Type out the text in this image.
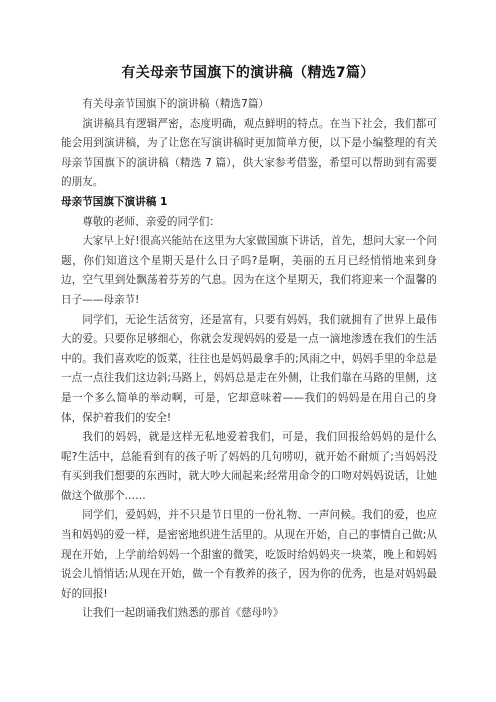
有关母亲节国旗下的演讲稿（精选7篇）

有关母亲节国旗下的演讲稿（精选7篇）

演讲稿具有逻辑严密，态度明确，观点鲜明的特点。在当下社会，我们都可能会用到演讲稿，为了让您在写演讲稿时更加简单方便，以下是小编整理的有关母亲节国旗下的演讲稿（精选 7 篇），供大家参考借鉴，希望可以帮助到有需要的朋友。

母亲节国旗下演讲稿 1

尊敬的老师、亲爱的同学们：

大家早上好!很高兴能站在这里为大家做国旗下讲话，首先，想问大家一个问题，你们知道这个星期天是什么日子吗?是啊，美丽的五月已经悄悄地来到身边，空气里到处飘荡着芬芳的气息。因为在这个星期天，我们将迎来一个温馨的日子——母亲节!

同学们，无论生活贫穷，还是富有，只要有妈妈，我们就拥有了世界上最伟大的爱。只要你足够细心，你就会发现妈妈的爱是一点一滴地渗透在我们的生活中的。我们喜欢吃的饭菜，往往也是妈妈最拿手的;风雨之中，妈妈手里的伞总是一点一点往我们这边斜;马路上，妈妈总是走在外侧，让我们靠在马路的里侧，这是一个多么简单的举动啊，可是，它却意味着——我们的妈妈是在用自己的身体，保护着我们的安全!

我们的妈妈，就是这样无私地爱着我们，可是，我们回报给妈妈的是什么呢?生活中，总能看到有的孩子听了妈妈的几句唠叨，就开始不耐烦了;当妈妈没有买到我们想要的东西时，就大吵大闹起来;经常用命令的口吻对妈妈说话，让她做这个做那个……

同学们，爱妈妈，并不只是节日里的一份礼物、一声问候。我们的爱，也应当和妈妈的爱一样，是密密地织进生活里的。从现在开始，自己的事情自己做;从现在开始，上学前给妈妈一个甜蜜的微笑，吃饭时给妈妈夹一块菜，晚上和妈妈说会儿悄悄话;从现在开始，做一个有教养的孩子，因为你的优秀，也是对妈妈最好的回报!

让我们一起朗诵我们熟悉的那首《慈母吟》
